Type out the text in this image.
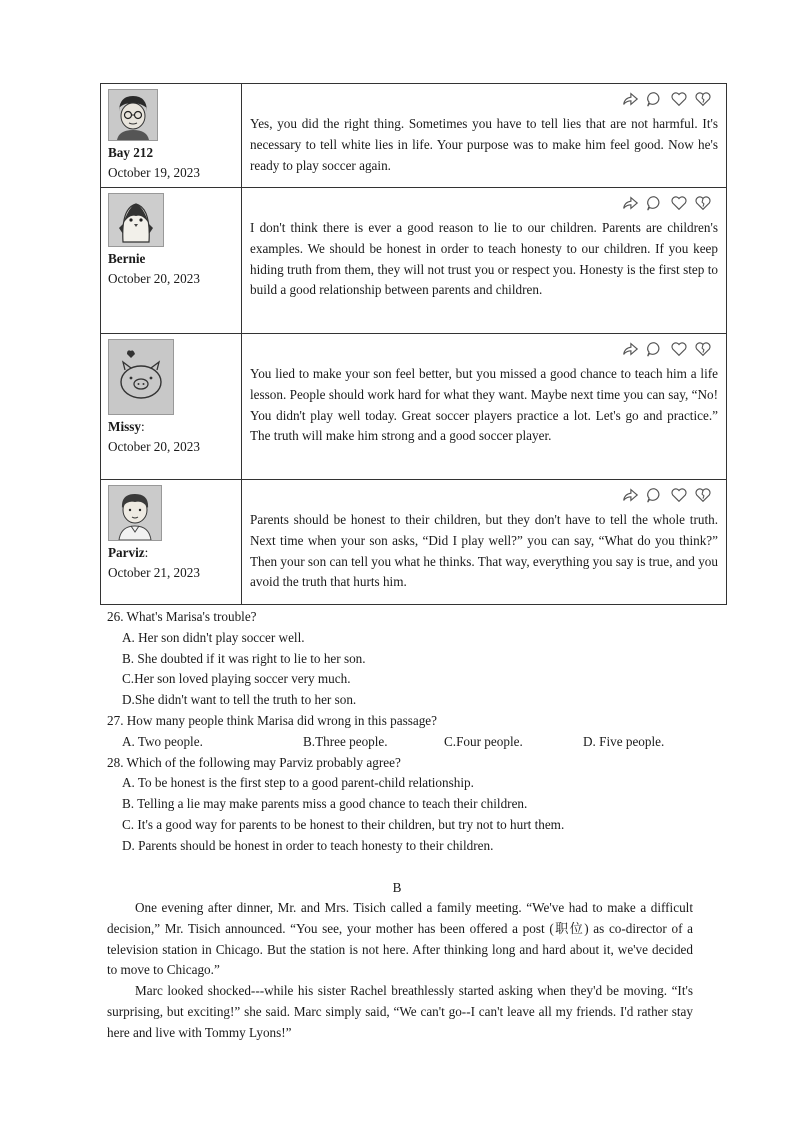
Bay 212
October 19, 2023	Yes, you did the right thing. Sometimes you have to tell lies that are not harmful. It's necessary to tell white lies in life. Your purpose was to make him feel good. Now he's ready to play soccer again.

Bernie
October 20, 2023	I don't think there is ever a good reason to lie to our children. Parents are children's examples. We should be honest in order to teach honesty to our children. If you keep hiding truth from them, they will not trust you or respect you. Honesty is the first step to build a good relationship between parents and children.

Missy:
October 20, 2023	You lied to make your son feel better, but you missed a good chance to teach him a life lesson. People should work hard for what they want. Maybe next time you can say, “No! You didn't play well today. Great soccer players practice a lot. Let's go and practice.” The truth will make him strong and a good soccer player.

Parviz:
October 21, 2023	Parents should be honest to their children, but they don't have to tell the whole truth. Next time when your son asks, “Did I play well?” you can say, “What do you think?” Then your son can tell you what he thinks. That way, everything you say is true, and you avoid the truth that hurts him.

26. What's Marisa's trouble?

A. Her son didn't play soccer well.

B. She doubted if it was right to lie to her son.

C.Her son loved playing soccer very much.

D.She didn't want to tell the truth to her son.

27. How many people think Marisa did wrong in this passage?

A. Two people.	B.Three people.	C.Four people.	D. Five people.

28. Which of the following may Parviz probably agree?

A. To be honest is the first step to a good parent-child relationship.

B. Telling a lie may make parents miss a good chance to teach their children.

C. It's a good way for parents to be honest to their children, but try not to hurt them.

D. Parents should be honest in order to teach honesty to their children.

B

One evening after dinner, Mr. and Mrs. Tisich called a family meeting. “We've had to make a difficult decision,” Mr. Tisich announced. “You see, your mother has been offered a post (职位) as co-director of a television station in Chicago. But the station is not here. After thinking long and hard about it, we've decided to move to Chicago.”

Marc looked shocked---while his sister Rachel breathlessly started asking when they'd be moving. “It's surprising, but exciting!” she said. Marc simply said, “We can't go--I can't leave all my friends. I'd rather stay here and live with Tommy Lyons!”
